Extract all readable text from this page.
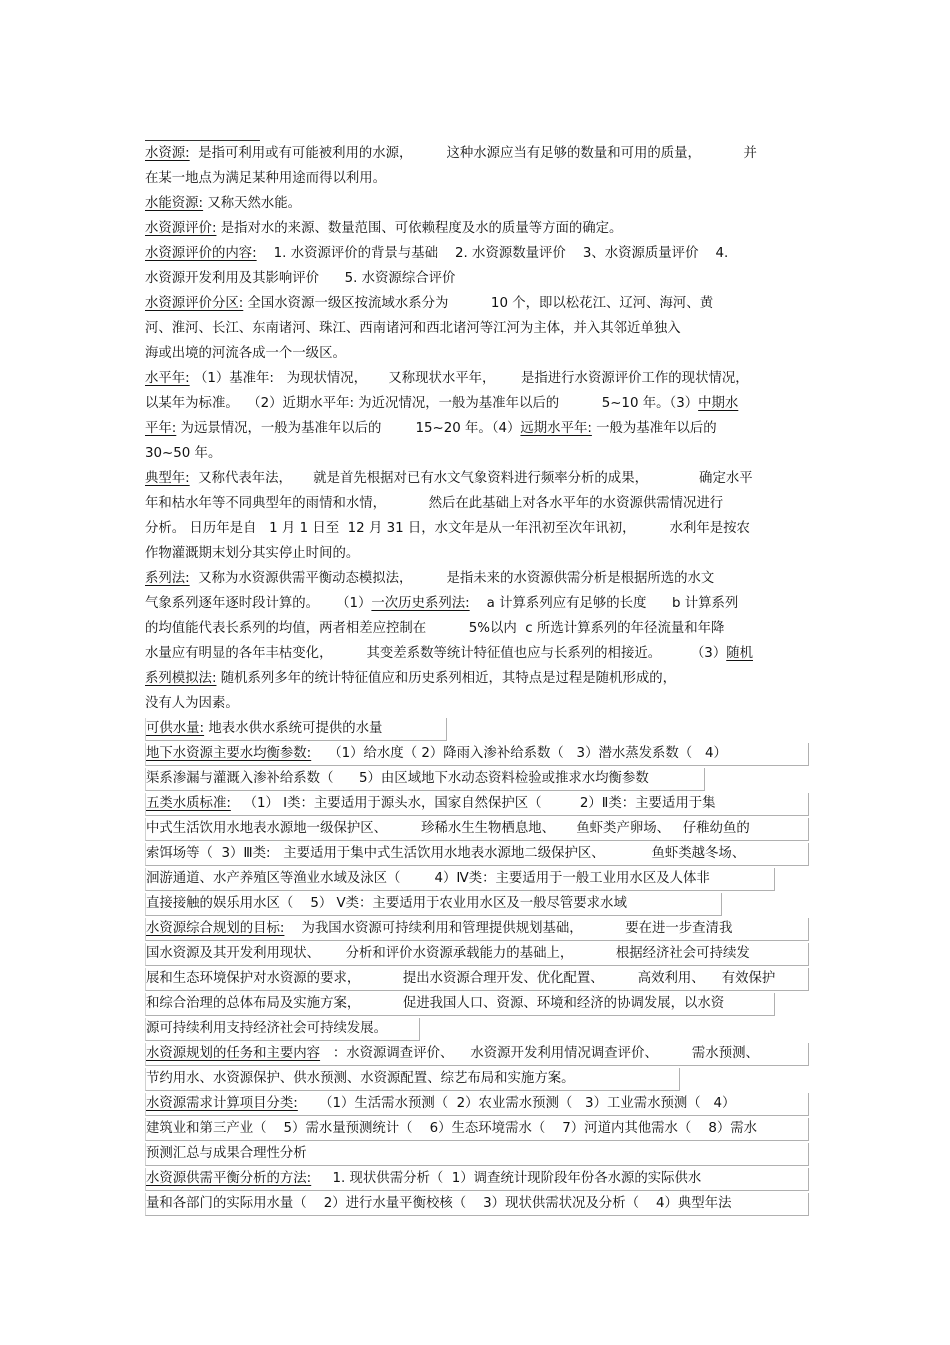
水资源:  是指可利用或有可能被利用的水源，        这种水源应当有足够的数量和可用的质量，          并
在某一地点为满足某种用途而得以利用。
水能资源: 又称天然水能。
水资源评价: 是指对水的来源、数量范围、可依赖程度及水的质量等方面的确定。
水资源评价的内容:    1. 水资源评价的背景与基础    2. 水资源数量评价    3、水资源质量评价    4.
水资源开发利用及其影响评价      5. 水资源综合评价
水资源评价分区: 全国水资源一级区按流域水系分为          10 个，即以松花江、辽河、海河、黄
河、淮河、长江、东南诸河、珠江、西南诸河和西北诸河等江河为主体，并入其邻近单独入
海或出境的河流各成一个一级区。
水平年: （1）基准年:   为现状情况，     又称现状水平年，      是指进行水资源评价工作的现状情况，
以某年为标准。  （2）近期水平年: 为近况情况，一般为基准年以后的          5~10 年。（3）中期水
平年: 为远景情况，一般为基准年以后的        15~20 年。（4）远期水平年: 一般为基准年以后的
30~50 年。
典型年:  又称代表年法，     就是首先根据对已有水文气象资料进行频率分析的成果，            确定水平
年和枯水年等不同典型年的雨情和水情，          然后在此基础上对各水平年的水资源供需情况进行
分析。 日历年是自   1 月 1 日至  12 月 31 日，水文年是从一年汛初至次年讯初，        水利年是按农
作物灌溉期末划分其实停止时间的。
系列法:  又称为水资源供需平衡动态模拟法，        是指未来的水资源供需分析是根据所选的水文
气象系列逐年逐时段计算的。    （1）一次历史系列法:    a 计算系列应有足够的长度      b 计算系列
的均值能代表长系列的均值，两者相差应控制在          5%以内  c 所选计算系列的年径流量和年降
水量应有明显的各年丰枯变化，        其变差系数等统计特征值也应与长系列的相接近。       （3）随机
系列模拟法: 随机系列多年的统计特征值应和历史系列相近，其特点是过程是随机形成的，
没有人为因素。
可供水量: 地表水供水系统可提供的水量
地下水资源主要水均衡参数:    （1）给水度（ 2）降雨入渗补给系数（   3）潜水蒸发系数（   4）
渠系渗漏与灌溉入渗补给系数（      5）由区域地下水动态资料检验或推求水均衡参数
五类水质标准:   （1） Ⅰ类：主要适用于源头水，国家自然保护区（         2）Ⅱ类：主要适用于集
中式生活饮用水地表水源地一级保护区、        珍稀水生生物栖息地、     鱼虾类产卵场、   仔稚幼鱼的
索饵场等（  3）Ⅲ类:   主要适用于集中式生活饮用水地表水源地二级保护区、           鱼虾类越冬场、
洄游通道、水产养殖区等渔业水域及泳区（        4）Ⅳ类：主要适用于一般工业用水区及人体非
直接接触的娱乐用水区（    5） Ⅴ类：主要适用于农业用水区及一般尽管要求水域
水资源综合规划的目标:    为我国水资源可持续利用和管理提供规划基础，          要在进一步查清我
国水资源及其开发利用现状、      分析和评价水资源承载能力的基础上，          根据经济社会可持续发
展和生态环境保护对水资源的要求，          提出水资源合理开发、优化配置、        高效利用、    有效保护
和综合治理的总体布局及实施方案，          促进我国人口、资源、环境和经济的协调发展，以水资
源可持续利用支持经济社会可持续发展。
水资源规划的任务和主要内容   ：水资源调查评价、    水资源开发利用情况调查评价、        需水预测、
节约用水、水资源保护、供水预测、水资源配置、综艺布局和实施方案。
水资源需求计算项目分类:     （1）生活需水预测（  2）农业需水预测（   3）工业需水预测（   4）
建筑业和第三产业（    5）需水量预测统计（    6）生态环境需水（    7）河道内其他需水（    8）需水
预测汇总与成果合理性分析
水资源供需平衡分析的方法:     1. 现状供需分析（  1）调查统计现阶段年份各水源的实际供水
量和各部门的实际用水量（    2）进行水量平衡校核（    3）现状供需状况及分析（    4）典型年法
